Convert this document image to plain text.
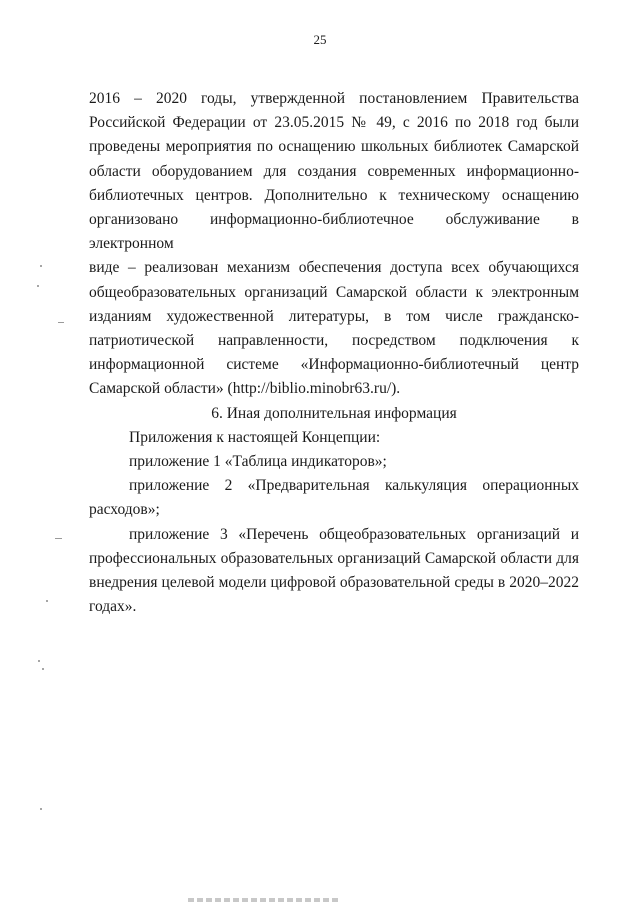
25

2016 – 2020 годы, утвержденной постановлением Правительства

Российской Федерации от 23.05.2015 № 49, с 2016 по 2018 год были

проведены мероприятия по оснащению школьных библиотек Самарской

области оборудованием для создания современных информационно-

библиотечных центров. Дополнительно к техническому оснащению

организовано информационно-библиотечное обслуживание в электронном

виде – реализован механизм обеспечения доступа всех обучающихся

общеобразовательных организаций Самарской области к электронным

изданиям художественной литературы, в том числе гражданско-

патриотической направленности, посредством подключения к

информационной системе «Информационно-библиотечный центр

Самарской области» (http://biblio.minobr63.ru/).

6. Иная дополнительная информация

Приложения к настоящей Концепции:

приложение 1 «Таблица индикаторов»;

приложение 2 «Предварительная калькуляция операционных

расходов»;

приложение 3 «Перечень общеобразовательных организаций и

профессиональных образовательных организаций Самарской области для

внедрения целевой модели цифровой образовательной среды в 2020–2022

годах».
